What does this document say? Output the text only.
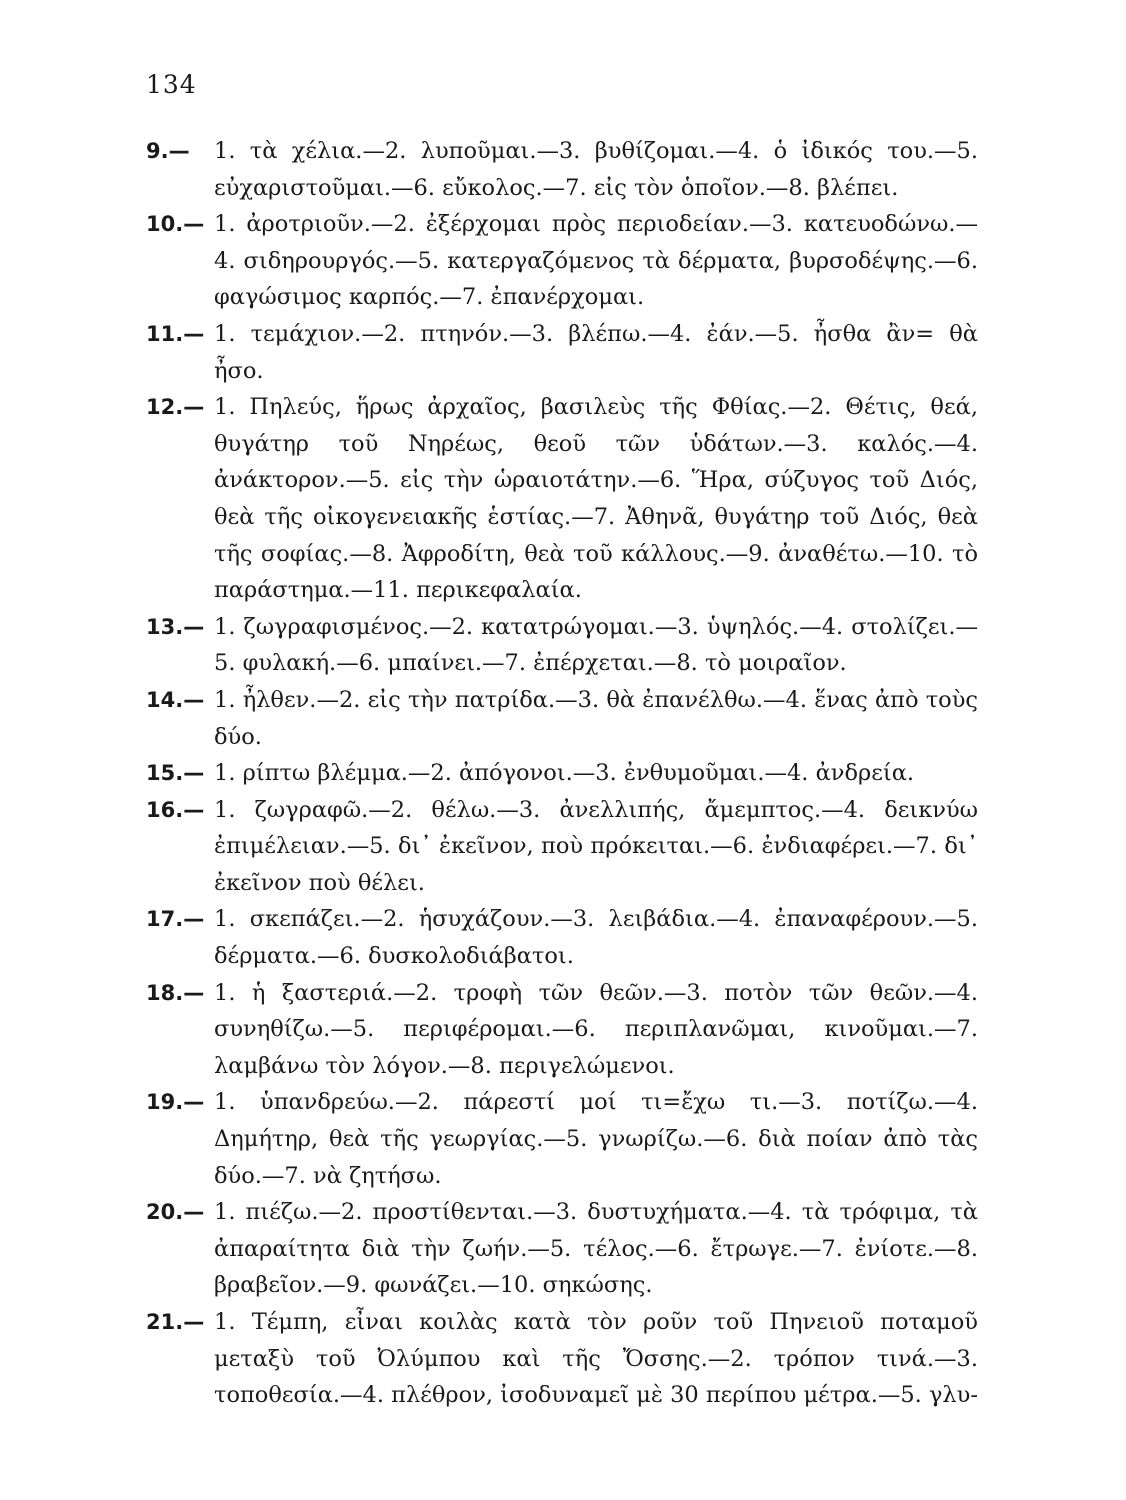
134
9.— 1. τὰ χέλια.—2. λυποῦμαι.—3. βυθίζομαι.—4. ὁ ἰδικός του.—5. εὐχαριστοῦμαι.—6. εὔκολος.—7. εἰς τὸν ὁποῖον.—8. βλέπει.
10.— 1. ἀροτριοῦν.—2. ἐξέρχομαι πρὸς περιοδείαν.—3. κατευοδώνω.—4. σιδηρουργός.—5. κατεργαζόμενος τὰ δέρματα, βυρσοδέψης.—6. φαγώσιμος καρπός.—7. ἐπανέρχομαι.
11.— 1. τεμάχιον.—2. πτηνόν.—3. βλέπω.—4. ἐάν.—5. ἦσθα ἂν= θὰ ἦσο.
12.— 1. Πηλεύς, ἥρως ἀρχαῖος, βασιλεὺς τῆς Φθίας.—2. Θέτις, θεά, θυγάτηρ τοῦ Νηρέως, θεοῦ τῶν ὑδάτων.—3. καλός.—4. ἀνάκτορον.—5. εἰς τὴν ὡραιοτάτην.—6. Ἥρα, σύζυγος τοῦ Διός, θεὰ τῆς οἰκογενειακῆς ἑστίας.—7. Ἀθηνᾶ, θυγάτηρ τοῦ Διός, θεὰ τῆς σοφίας.—8. Ἀφροδίτη, θεὰ τοῦ κάλλους.—9. ἀναθέτω.—10. τὸ παράστημα.—11. περικεφαλαία.
13.— 1. ζωγραφισμένος.—2. κατατρώγομαι.—3. ὑψηλός.—4. στολίζει.—5. φυλακή.—6. μπαίνει.—7. ἐπέρχεται.—8. τὸ μοιραῖον.
14.— 1. ἦλθεν.—2. εἰς τὴν πατρίδα.—3. θὰ ἐπανέλθω.—4. ἕνας ἀπὸ τοὺς δύο.
15.— 1. ρίπτω βλέμμα.—2. ἀπόγονοι.—3. ἐνθυμοῦμαι.—4. ἀνδρεία.
16.— 1. ζωγραφῶ.—2. θέλω.—3. ἀνελλιπής, ἄμεμπτος.—4. δεικνύω ἐπιμέλειαν.—5. δι᾿ ἐκεῖνον, ποὺ πρόκειται.—6. ἐνδιαφέρει.—7. δι᾿ ἐκεῖνον ποὺ θέλει.
17.— 1. σκεπάζει.—2. ἡσυχάζουν.—3. λειβάδια.—4. ἐπαναφέρουν.—5. δέρματα.—6. δυσκολοδιάβατοι.
18.— 1. ἡ ξαστεριά.—2. τροφὴ τῶν θεῶν.—3. ποτὸν τῶν θεῶν.—4. συνηθίζω.—5. περιφέρομαι.—6. περιπλανῶμαι, κινοῦμαι.—7. λαμβάνω τὸν λόγον.—8. περιγελώμενοι.
19.— 1. ὑπανδρεύω.—2. πάρεστί μοί τι=ἔχω τι.—3. ποτίζω.—4. Δημήτηρ, θεὰ τῆς γεωργίας.—5. γνωρίζω.—6. διὰ ποίαν ἀπὸ τὰς δύο.—7. νὰ ζητήσω.
20.— 1. πιέζω.—2. προστίθενται.—3. δυστυχήματα.—4. τὰ τρόφιμα, τὰ ἀπαραίτητα διὰ τὴν ζωήν.—5. τέλος.—6. ἔτρωγε.—7. ἐνίοτε.—8. βραβεῖον.—9. φωνάζει.—10. σηκώσης.
21.— 1. Τέμπη, εἶναι κοιλὰς κατὰ τὸν ροῦν τοῦ Πηνειοῦ ποταμοῦ μεταξὺ τοῦ Ὀλύμπου καὶ τῆς Ὄσσης.—2. τρόπον τινά.—3. τοποθεσία.—4. πλέθρον, ἰσοδυναμεῖ μὲ 30 περίπου μέτρα.—5. γλυ-
